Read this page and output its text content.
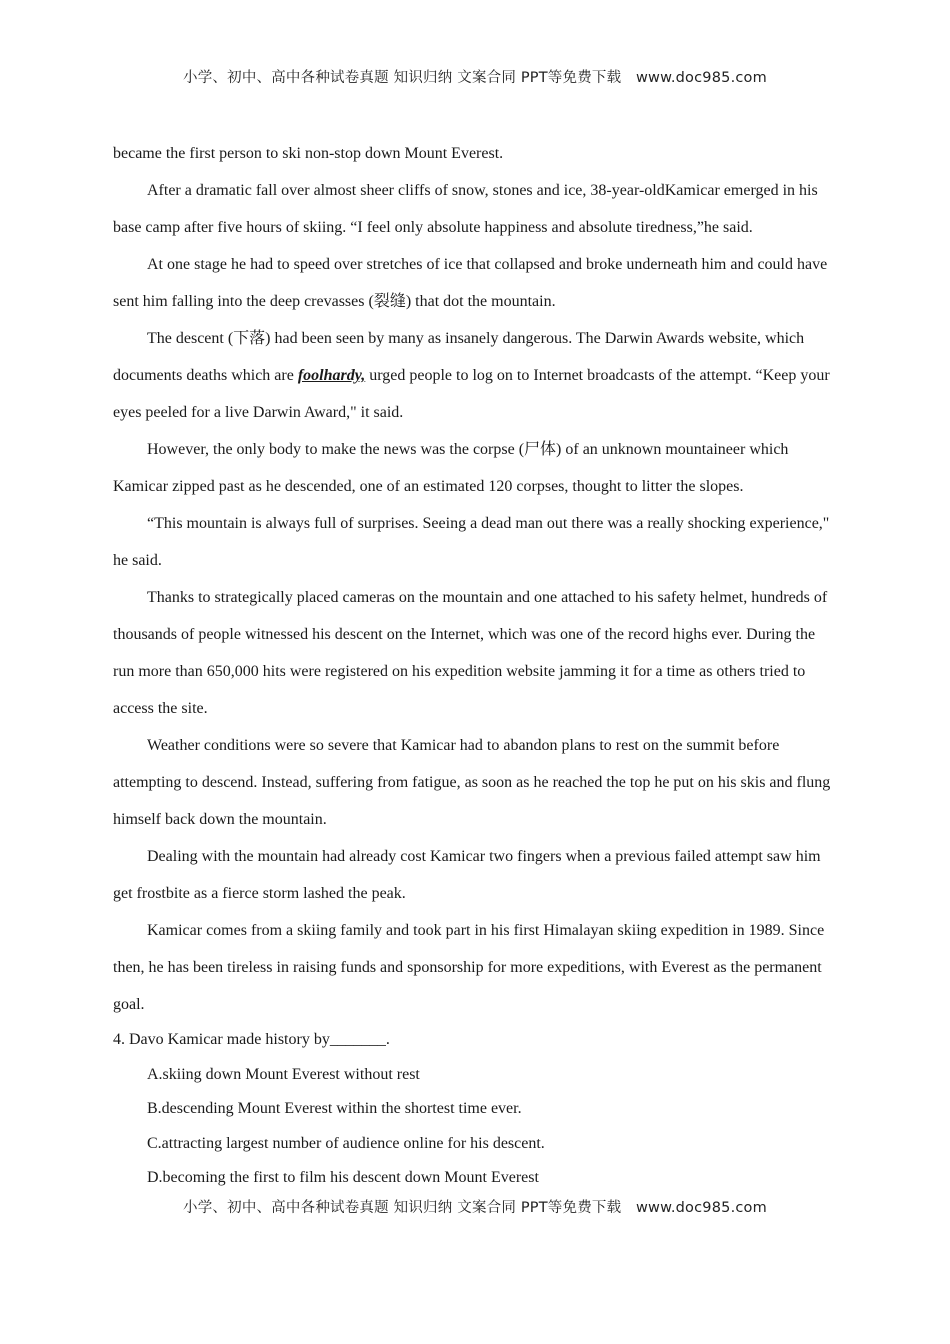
小学、初中、高中各种试卷真题 知识归纳 文案合同 PPT等免费下载　www.doc985.com

became the first person to ski non-stop down Mount Everest.

After a dramatic fall over almost sheer cliffs of snow, stones and ice, 38-year-oldKamicar emerged in his base camp after five hours of skiing. “I feel only absolute happiness and absolute tiredness,”he said.

At one stage he had to speed over stretches of ice that collapsed and broke underneath him and could have sent him falling into the deep crevasses (裂缝) that dot the mountain.

The descent (下落) had been seen by many as insanely dangerous. The Darwin Awards website, which documents deaths which are foolhardy, urged people to log on to Internet broadcasts of the attempt. “Keep your eyes peeled for a live Darwin Award," it said.

However, the only body to make the news was the corpse (尸体) of an unknown mountaineer which Kamicar zipped past as he descended, one of an estimated 120 corpses, thought to litter the slopes.

“This mountain is always full of surprises. Seeing a dead man out there was a really shocking experience," he said.

Thanks to strategically placed cameras on the mountain and one attached to his safety helmet, hundreds of thousands of people witnessed his descent on the Internet, which was one of the record highs ever. During the run more than 650,000 hits were registered on his expedition website jamming it for a time as others tried to access the site.

Weather conditions were so severe that Kamicar had to abandon plans to rest on the summit before attempting to descend. Instead, suffering from fatigue, as soon as he reached the top he put on his skis and flung himself back down the mountain.

Dealing with the mountain had already cost Kamicar two fingers when a previous failed attempt saw him get frostbite as a fierce storm lashed the peak.

Kamicar comes from a skiing family and took part in his first Himalayan skiing expedition in 1989. Since then, he has been tireless in raising funds and sponsorship for more expeditions, with Everest as the permanent goal.

4. Davo Kamicar made history by_______.
A.skiing down Mount Everest without rest
B.descending Mount Everest within the shortest time ever.
C.attracting largest number of audience online for his descent.
D.becoming the first to film his descent down Mount Everest
小学、初中、高中各种试卷真题 知识归纳 文案合同 PPT等免费下载　www.doc985.com
